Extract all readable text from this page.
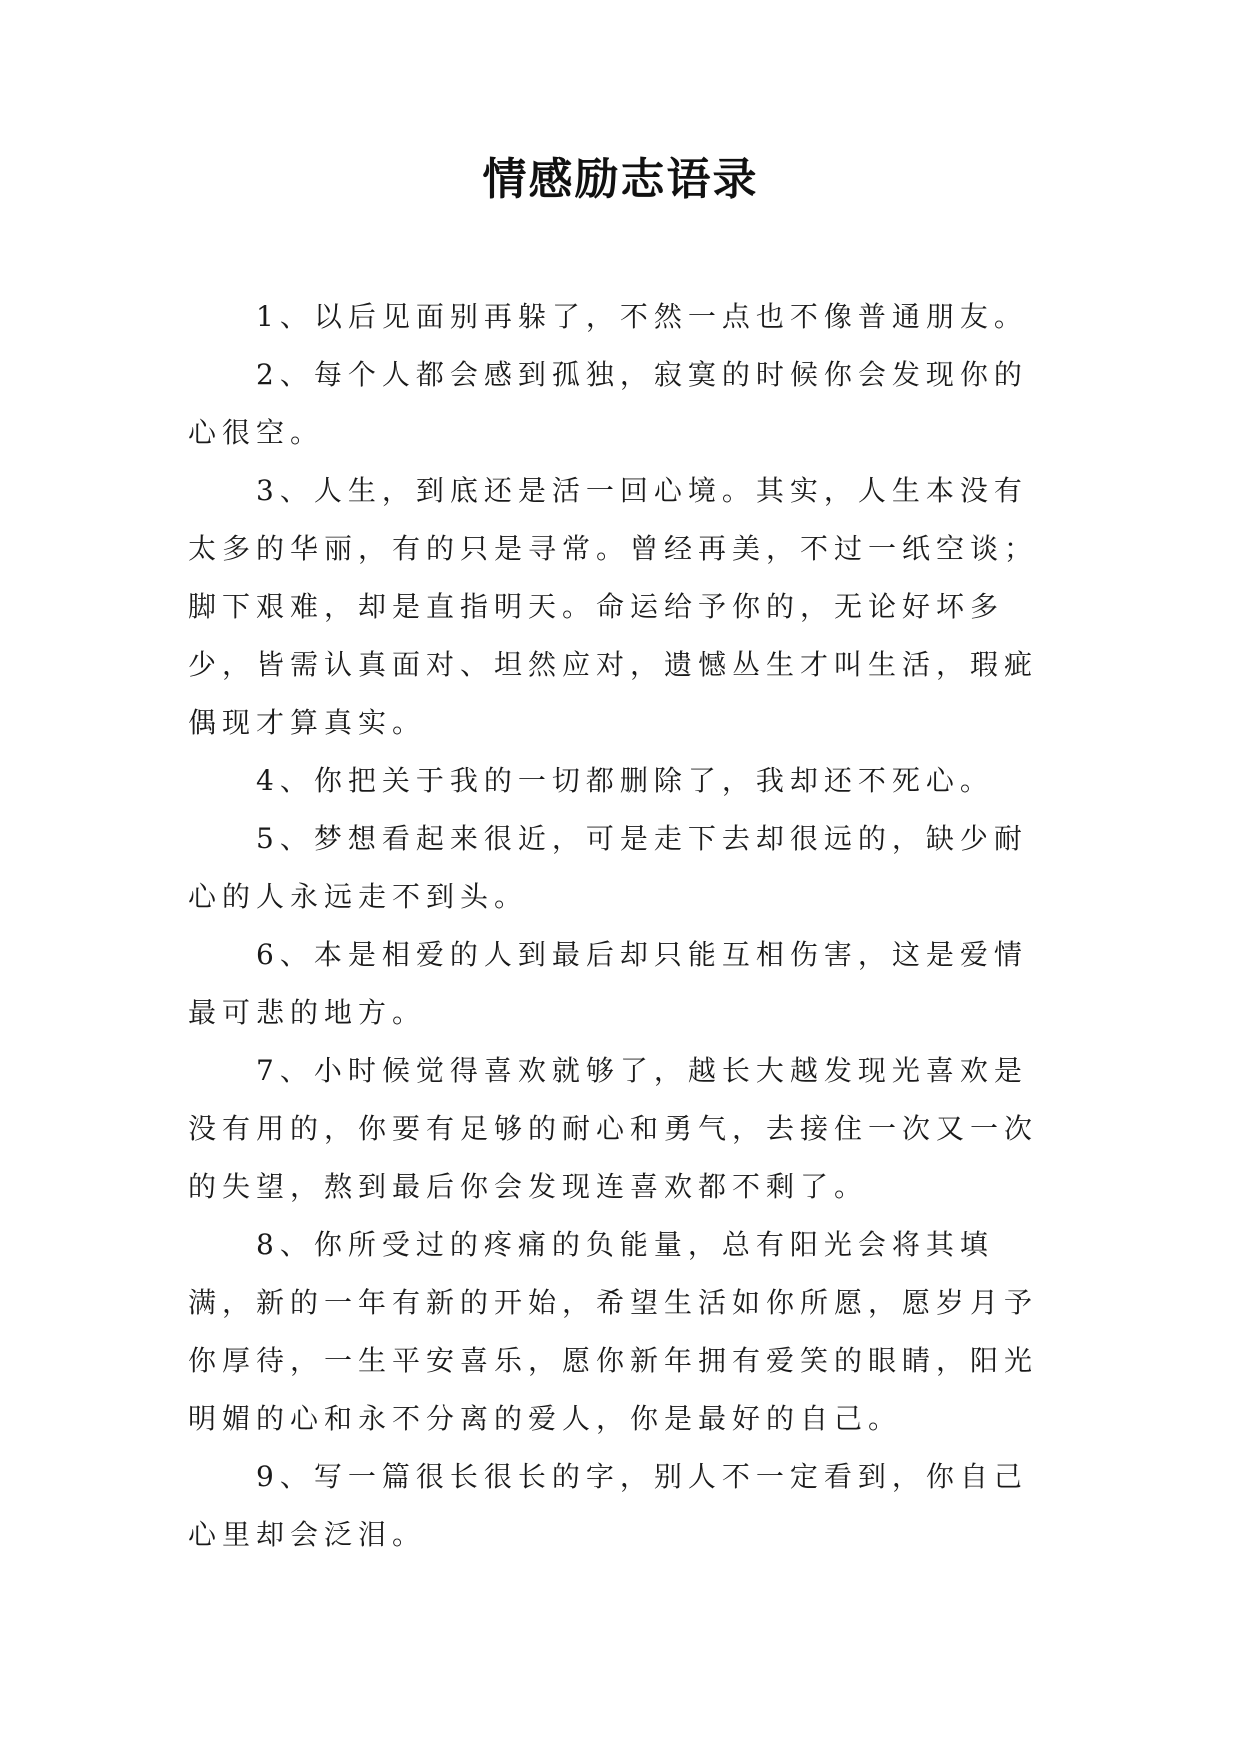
情感励志语录

1、以后见面别再躲了，不然一点也不像普通朋友。

2、每个人都会感到孤独，寂寞的时候你会发现你的心很空。

3、人生，到底还是活一回心境。其实，人生本没有太多的华丽，有的只是寻常。曾经再美，不过一纸空谈；脚下艰难，却是直指明天。命运给予你的，无论好坏多少，皆需认真面对、坦然应对，遗憾丛生才叫生活，瑕疵偶现才算真实。

4、你把关于我的一切都删除了，我却还不死心。

5、梦想看起来很近，可是走下去却很远的，缺少耐心的人永远走不到头。

6、本是相爱的人到最后却只能互相伤害，这是爱情最可悲的地方。

7、小时候觉得喜欢就够了，越长大越发现光喜欢是没有用的，你要有足够的耐心和勇气，去接住一次又一次的失望，熬到最后你会发现连喜欢都不剩了。

8、你所受过的疼痛的负能量，总有阳光会将其填满，新的一年有新的开始，希望生活如你所愿，愿岁月予你厚待，一生平安喜乐，愿你新年拥有爱笑的眼睛，阳光明媚的心和永不分离的爱人，你是最好的自己。

9、写一篇很长很长的字，别人不一定看到，你自己心里却会泛泪。
